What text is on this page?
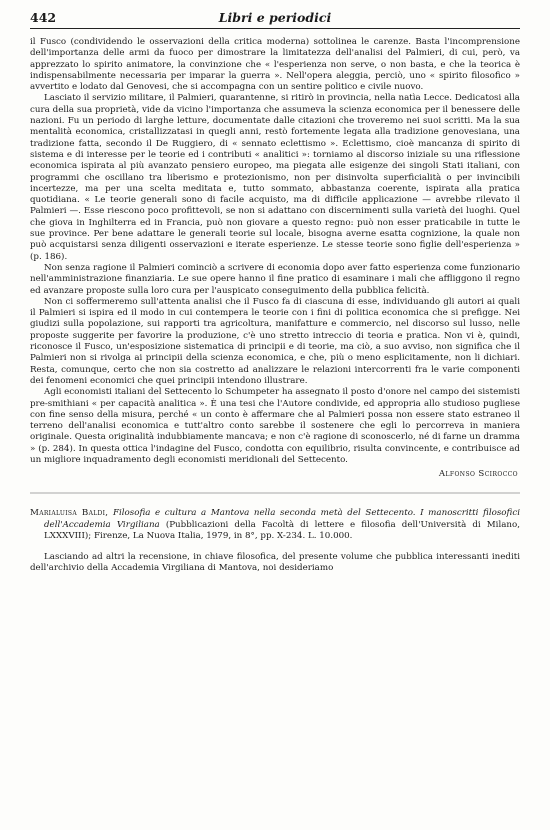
442	Libri e periodici

il Fusco (condividendo le osservazioni della critica moderna) sottolinea le carenze. Basta l'incomprensione dell'importanza delle armi da fuoco per dimostrare la limitatezza dell'analisi del Palmieri, di cui, però, va apprezzato lo spirito animatore, la convinzione che « l'esperienza non serve, o non basta, e che la teorica è indispensabilmente necessaria per imparar la guerra ». Nell'opera aleggia, perciò, uno « spirito filosofico » avvertito e lodato dal Genovesi, che si accompagna con un sentire politico e civile nuovo.

Lasciato il servizio militare, il Palmieri, quarantenne, si ritirò in provincia, nella natìa Lecce. Dedicatosi alla cura della sua proprietà, vide da vicino l'importanza che assumeva la scienza economica per il benessere delle nazioni. Fu un periodo di larghe letture, documentate dalle citazioni che troveremo nei suoi scritti. Ma la sua mentalità economica, cristallizzatasi in quegli anni, restò fortemente legata alla tradizione genovesiana, una tradizione fatta, secondo il De Ruggiero, di « sennato eclettismo ». Eclettismo, cioè mancanza di spirito di sistema e di interesse per le teorie ed i contributi « analitici »: torniamo al discorso iniziale su una riflessione economica ispirata al più avanzato pensiero europeo, ma piegata alle esigenze dei singoli Stati italiani, con programmi che oscillano tra liberismo e protezionismo, non per disinvolta superficialità o per invincibili incertezze, ma per una scelta meditata e, tutto sommato, abbastanza coerente, ispirata alla pratica quotidiana. « Le teorie generali sono di facile acquisto, ma di difficile applicazione — avrebbe rilevato il Palmieri —. Esse riescono poco profittevoli, se non si adattano con discernimenti sulla varietà dei luoghi. Quel che giova in Inghilterra ed in Francia, può non giovare a questo regno: può non esser praticabile in tutte le sue province. Per bene adattare le generali teorie sul locale, bisogna averne esatta cognizione, la quale non può acquistarsi senza diligenti osservazioni e iterate esperienze. Le stesse teorie sono figlie dell'esperienza » (p. 186).

Non senza ragione il Palmieri cominciò a scrivere di economia dopo aver fatto esperienza come funzionario nell'amministrazione finanziaria. Le sue opere hanno il fine pratico di esaminare i mali che affliggono il regno ed avanzare proposte sulla loro cura per l'auspicato conseguimento della pubblica felicità.

Non ci soffermeremo sull'attenta analisi che il Fusco fa di ciascuna di esse, individuando gli autori ai quali il Palmieri si ispira ed il modo in cui contempera le teorie con i fini di politica economica che si prefigge. Nei giudizi sulla popolazione, sui rapporti tra agricoltura, manifatture e commercio, nel discorso sul lusso, nelle proposte suggerite per favorire la produzione, c'è uno stretto intreccio di teoria e pratica. Non vi è, quindi, riconosce il Fusco, un'esposizione sistematica di principii e di teorie, ma ciò, a suo avviso, non significa che il Palmieri non si rivolga ai principii della scienza economica, e che, più o meno esplicitamente, non li dichiari. Resta, comunque, certo che non sia costretto ad analizzare le relazioni intercorrenti fra le varie componenti dei fenomeni economici che quei principii intendono illustrare.

Agli economisti italiani del Settecento lo Schumpeter ha assegnato il posto d'onore nel campo dei sistemisti pre-smithiani « per capacità analitica ». È una tesi che l'Autore condivide, ed appropria allo studioso pugliese con fine senso della misura, perché « un conto è affermare che al Palmieri possa non essere stato estraneo il terreno dell'analisi economica e tutt'altro conto sarebbe il sostenere che egli lo percorreva in maniera originale. Questa originalità indubbiamente mancava; e non c'è ragione di sconoscerlo, né di farne un dramma » (p. 284). In questa ottica l'indagine del Fusco, condotta con equilibrio, risulta convincente, e contribuisce ad un migliore inquadramento degli economisti meridionali del Settecento.

Alfonso Scirocco
Marialuisa Baldi, Filosofia e cultura a Mantova nella seconda metà del Settecento. I manoscritti filosofici dell'Accademia Virgiliana (Pubblicazioni della Facoltà di lettere e filosofia dell'Università di Milano, LXXXVIII); Firenze, La Nuova Italia, 1979, in 8°, pp. X-234. L. 10.000.

Lasciando ad altri la recensione, in chiave filosofica, del presente volume che pubblica interessanti inediti dell'archivio della Accademia Virgiliana di Mantova, noi desideriamo
